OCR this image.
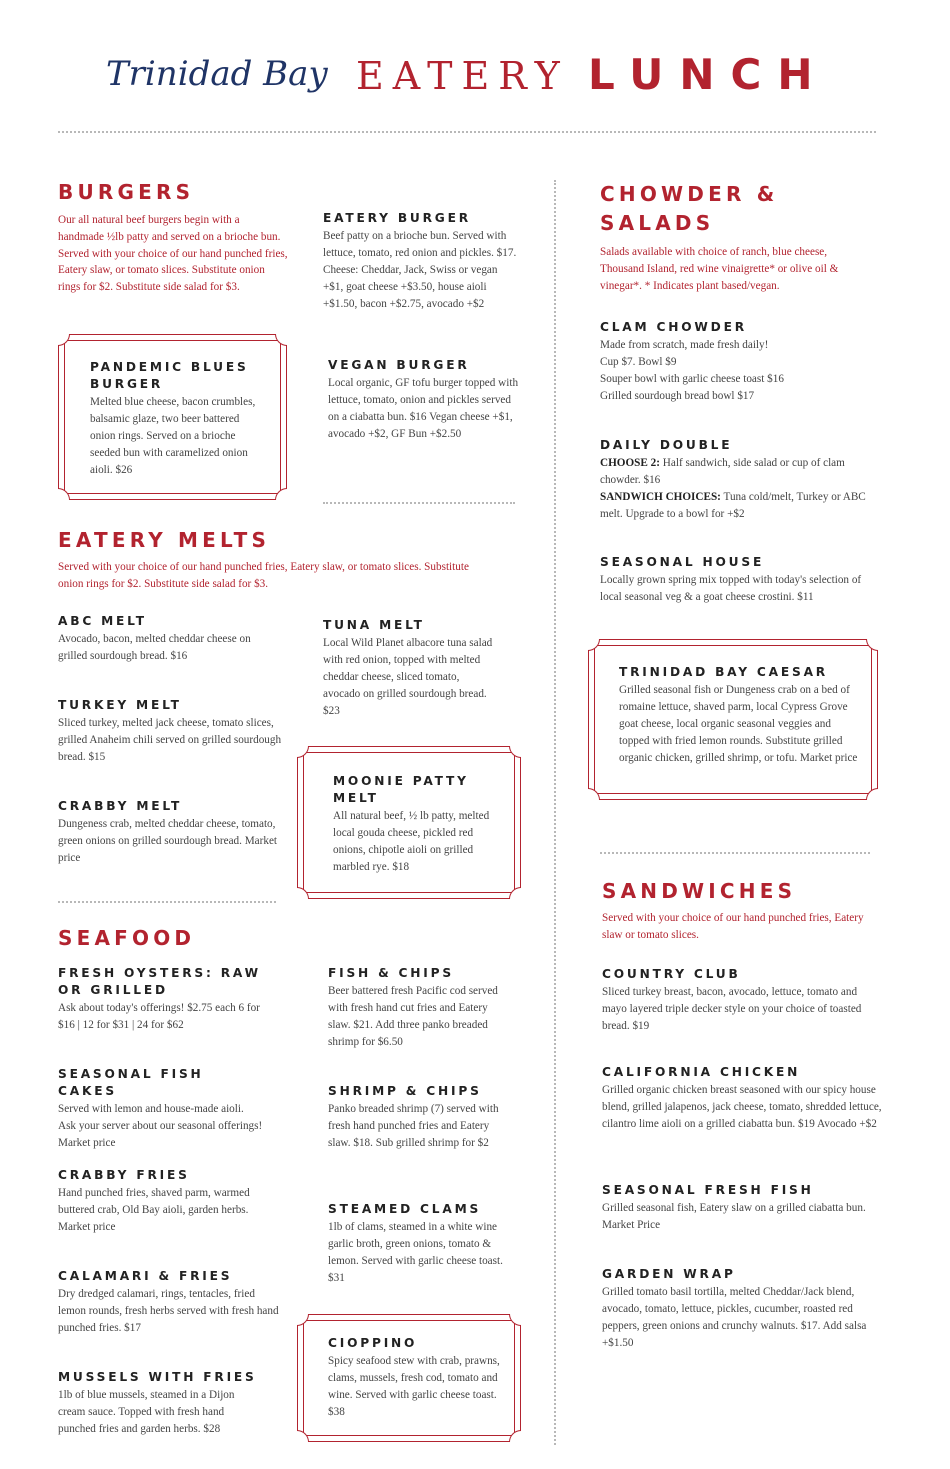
Trinidad Bay EATERY LUNCH
BURGERS

Our all natural beef burgers begin with a handmade ½lb patty and served on a brioche bun. Served with your choice of our hand punched fries, Eatery slaw, or tomato slices. Substitute onion rings for $2. Substitute side salad for $3.

EATERY BURGER

Beef patty on a brioche bun. Served with lettuce, tomato, red onion and pickles. $17. Cheese: Cheddar, Jack, Swiss or vegan +$1, goat cheese +$3.50, house aioli +$1.50, bacon +$2.75, avocado +$2

PANDEMIC BLUES BURGER

Melted blue cheese, bacon crumbles, balsamic glaze, two beer battered onion rings. Served on a brioche seeded bun with caramelized onion aioli. $26

VEGAN BURGER

Local organic, GF tofu burger topped with lettuce, tomato, onion and pickles served on a ciabatta bun. $16 Vegan cheese +$1, avocado +$2, GF Bun +$2.50

EATERY MELTS

Served with your choice of our hand punched fries, Eatery slaw, or tomato slices. Substitute onion rings for $2. Substitute side salad for $3.

ABC MELT

Avocado, bacon, melted cheddar cheese on grilled sourdough bread. $16

TUNA MELT

Local Wild Planet albacore tuna salad with red onion, topped with melted cheddar cheese, sliced tomato, avocado on grilled sourdough bread. $23

TURKEY MELT

Sliced turkey, melted jack cheese, tomato slices, grilled Anaheim chili served on grilled sourdough bread. $15

MOONIE PATTY MELT

All natural beef, ½ lb patty, melted local gouda cheese, pickled red onions, chipotle aioli on grilled marbled rye. $18

CRABBY MELT

Dungeness crab, melted cheddar cheese, tomato, green onions on grilled sourdough bread. Market price

SEAFOOD
FRESH OYSTERS: RAW OR GRILLED

Ask about today's offerings! $2.75 each 6 for $16 | 12 for $31 | 24 for $62

FISH & CHIPS

Beer battered fresh Pacific cod served with fresh hand cut fries and Eatery slaw. $21. Add three panko breaded shrimp for $6.50

SEASONAL FISH CAKES

Served with lemon and house-made aioli. Ask your server about our seasonal offerings! Market price

SHRIMP & CHIPS

Panko breaded shrimp (7) served with fresh hand punched fries and Eatery slaw. $18. Sub grilled shrimp for $2

CRABBY FRIES

Hand punched fries, shaved parm, warmed buttered crab, Old Bay aioli, garden herbs. Market price

STEAMED CLAMS

1lb of clams, steamed in a white wine garlic broth, green onions, tomato & lemon. Served with garlic cheese toast. $31

CALAMARI & FRIES

Dry dredged calamari, rings, tentacles, fried lemon rounds, fresh herbs served with fresh hand punched fries. $17

CIOPPINO

Spicy seafood stew with crab, prawns, clams, mussels, fresh cod, tomato and wine. Served with garlic cheese toast. $38

MUSSELS WITH FRIES

1lb of blue mussels, steamed in a Dijon cream sauce. Topped with fresh hand punched fries and garden herbs. $28

CHOWDER &
SALADS

Salads available with choice of ranch, blue cheese, Thousand Island, red wine vinaigrette* or olive oil & vinegar*. * Indicates plant based/vegan.

CLAM CHOWDER

Made from scratch, made fresh daily!

Cup $7. Bowl $9

Souper bowl with garlic cheese toast $16

Grilled sourdough bread bowl $17

DAILY DOUBLE

CHOOSE 2: Half sandwich, side salad or cup of clam chowder. $16

SANDWICH CHOICES: Tuna cold/melt, Turkey or ABC melt. Upgrade to a bowl for +$2

SEASONAL HOUSE

Locally grown spring mix topped with today's selection of local seasonal veg & a goat cheese crostini. $11

TRINIDAD BAY CAESAR

Grilled seasonal fish or Dungeness crab on a bed of romaine lettuce, shaved parm, local Cypress Grove goat cheese, local organic seasonal veggies and topped with fried lemon rounds. Substitute grilled organic chicken, grilled shrimp, or tofu. Market price

SANDWICHES

Served with your choice of our hand punched fries, Eatery slaw or tomato slices.

COUNTRY CLUB

Sliced turkey breast, bacon, avocado, lettuce, tomato and mayo layered triple decker style on your choice of toasted bread. $19

CALIFORNIA CHICKEN

Grilled organic chicken breast seasoned with our spicy house blend, grilled jalapenos, jack cheese, tomato, shredded lettuce, cilantro lime aioli on a grilled ciabatta bun. $19 Avocado +$2

SEASONAL FRESH FISH

Grilled seasonal fish, Eatery slaw on a grilled ciabatta bun. Market Price

GARDEN WRAP

Grilled tomato basil tortilla, melted Cheddar/Jack blend, avocado, tomato, lettuce, pickles, cucumber, roasted red peppers, green onions and crunchy walnuts. $17. Add salsa +$1.50
